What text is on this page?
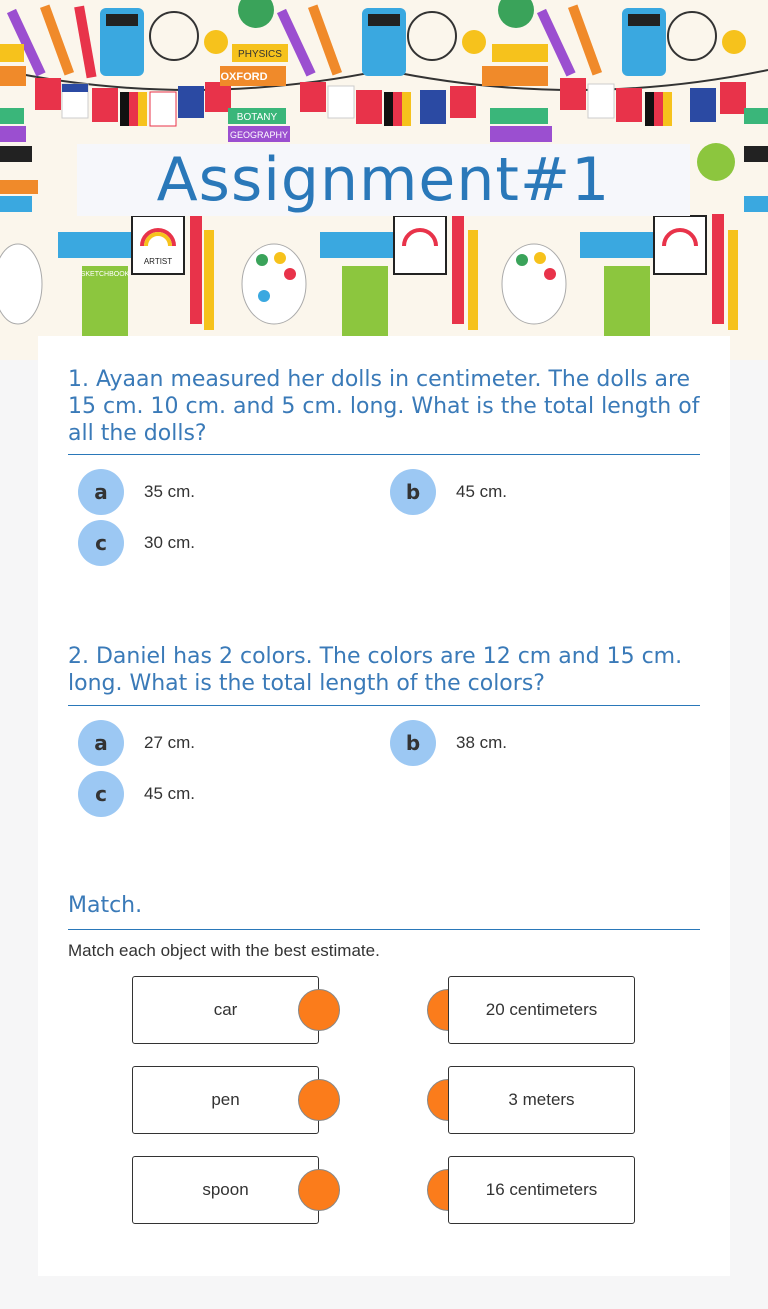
PHYSICS
OXFORD
BOTANY
GEOGRAPHY
ARTIST
SKETCHBOOK
Assignment#1
1. Ayaan measured her dolls in centimeter. The dolls are 15 cm. 10 cm. and 5 cm. long. What is the total length of all the dolls?
a	35 cm.	b	45 cm.
c	30 cm.
2. Daniel has 2 colors. The colors are 12 cm and 15 cm. long. What is the total length of the colors?
a	27 cm.	b	38 cm.
c	45 cm.
Match.
Match each object with the best estimate.
car	20 centimeters
pen	3 meters
spoon	16 centimeters
